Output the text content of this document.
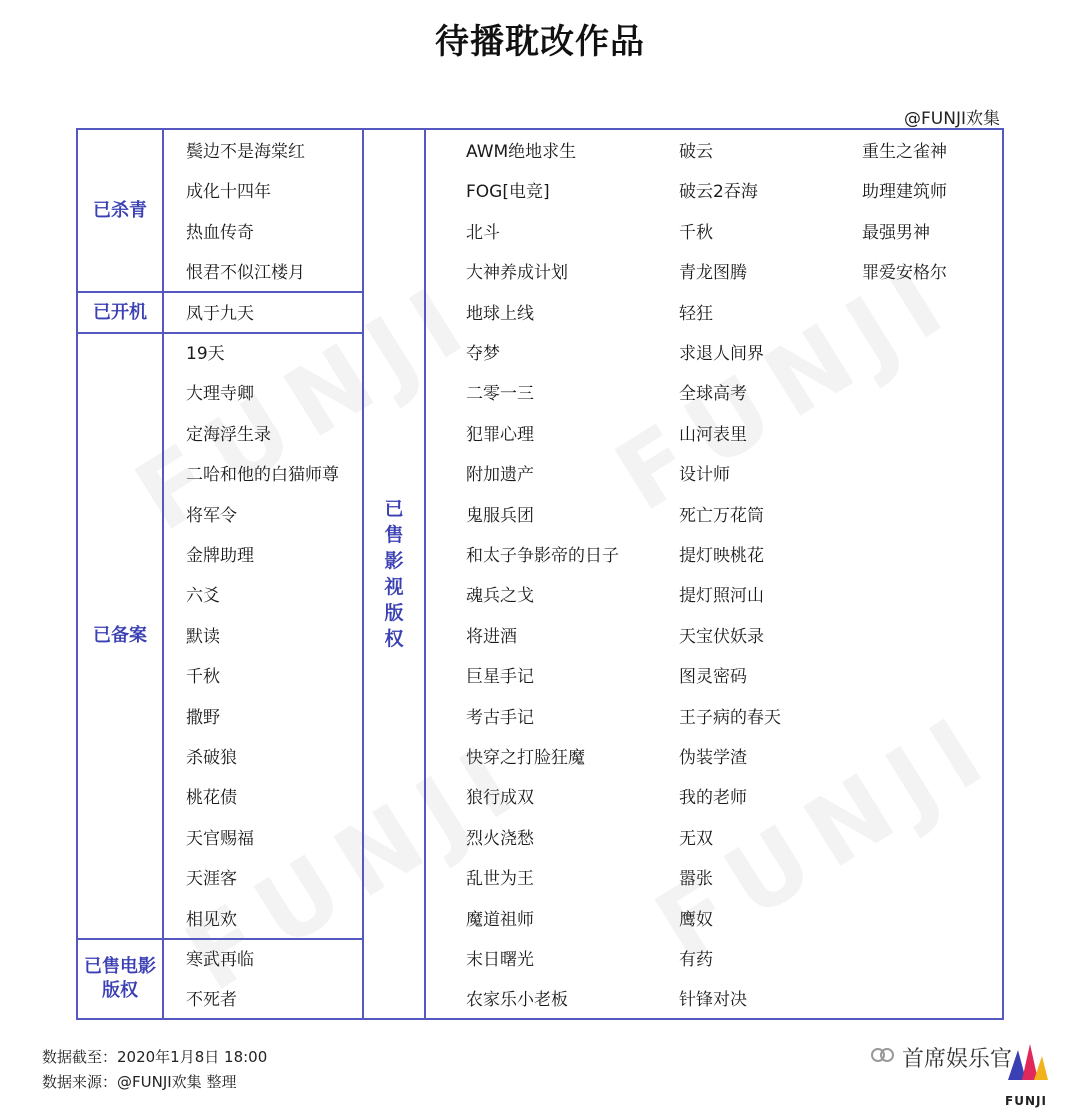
待播耽改作品
@FUNJI欢集
已杀青
已开机
已备案
已售电影版权
已售影视版权
鬓边不是海棠红
成化十四年
热血传奇
恨君不似江楼月
凤于九天
19天
大理寺卿
定海浮生录
二哈和他的白猫师尊
将军令
金牌助理
六爻
默读
千秋
撒野
杀破狼
桃花债
天官赐福
天涯客
相见欢
寒武再临
不死者
AWM绝地求生
FOG[电竞]
北斗
大神养成计划
地球上线
夺梦
二零一三
犯罪心理
附加遗产
鬼服兵团
和太子争影帝的日子
魂兵之戈
将进酒
巨星手记
考古手记
快穿之打脸狂魔
狼行成双
烈火浇愁
乱世为王
魔道祖师
末日曙光
农家乐小老板
破云
破云2吞海
千秋
青龙图腾
轻狂
求退人间界
全球高考
山河表里
设计师
死亡万花筒
提灯映桃花
提灯照河山
天宝伏妖录
图灵密码
王子病的春天
伪装学渣
我的老师
无双
嚣张
鹰奴
有药
针锋对决
重生之雀神
助理建筑师
最强男神
罪爱安格尔
数据截至：2020年1月8日 18:00
数据来源：@FUNJI欢集 整理
首席娱乐官
FUNJI
